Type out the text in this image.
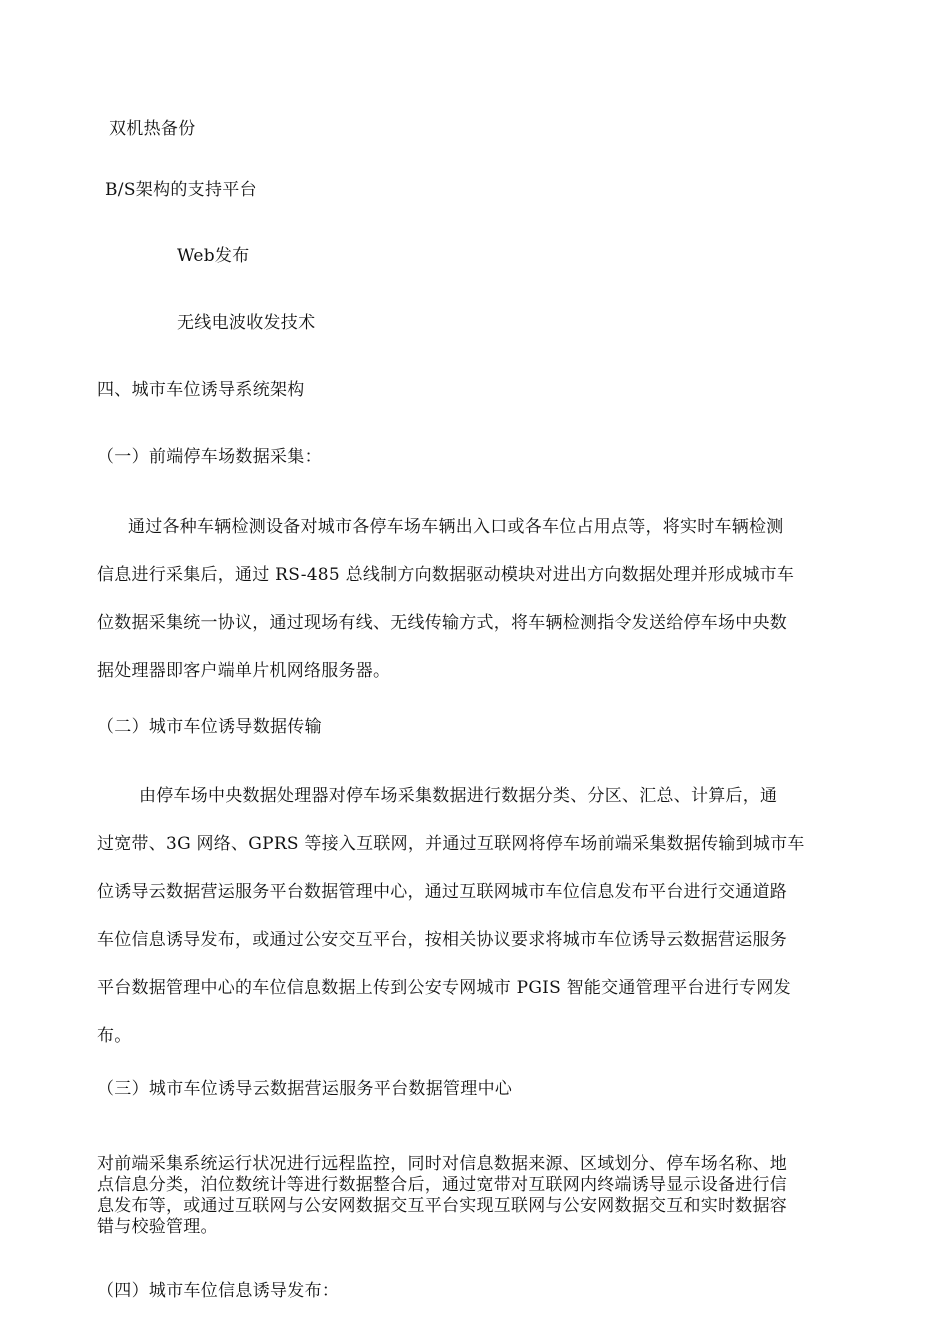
双机热备份
B/S架构的支持平台
Web发布
无线电波收发技术
四、城市车位诱导系统架构
（一）前端停车场数据采集：
通过各种车辆检测设备对城市各停车场车辆出入口或各车位占用点等，将实时车辆检测
信息进行采集后，通过 RS-485 总线制方向数据驱动模块对进出方向数据处理并形成城市车
位数据采集统一协议，通过现场有线、无线传输方式，将车辆检测指令发送给停车场中央数
据处理器即客户端单片机网络服务器。
（二）城市车位诱导数据传输
由停车场中央数据处理器对停车场采集数据进行数据分类、分区、汇总、计算后，通
过宽带、3G 网络、GPRS 等接入互联网，并通过互联网将停车场前端采集数据传输到城市车
位诱导云数据营运服务平台数据管理中心，通过互联网城市车位信息发布平台进行交通道路
车位信息诱导发布，或通过公安交互平台，按相关协议要求将城市车位诱导云数据营运服务
平台数据管理中心的车位信息数据上传到公安专网城市 PGIS 智能交通管理平台进行专网发
布。
（三）城市车位诱导云数据营运服务平台数据管理中心
对前端采集系统运行状况进行远程监控，同时对信息数据来源、区域划分、停车场名称、地
点信息分类，泊位数统计等进行数据整合后，通过宽带对互联网内终端诱导显示设备进行信
息发布等，或通过互联网与公安网数据交互平台实现互联网与公安网数据交互和实时数据容
错与校验管理。
（四）城市车位信息诱导发布：
